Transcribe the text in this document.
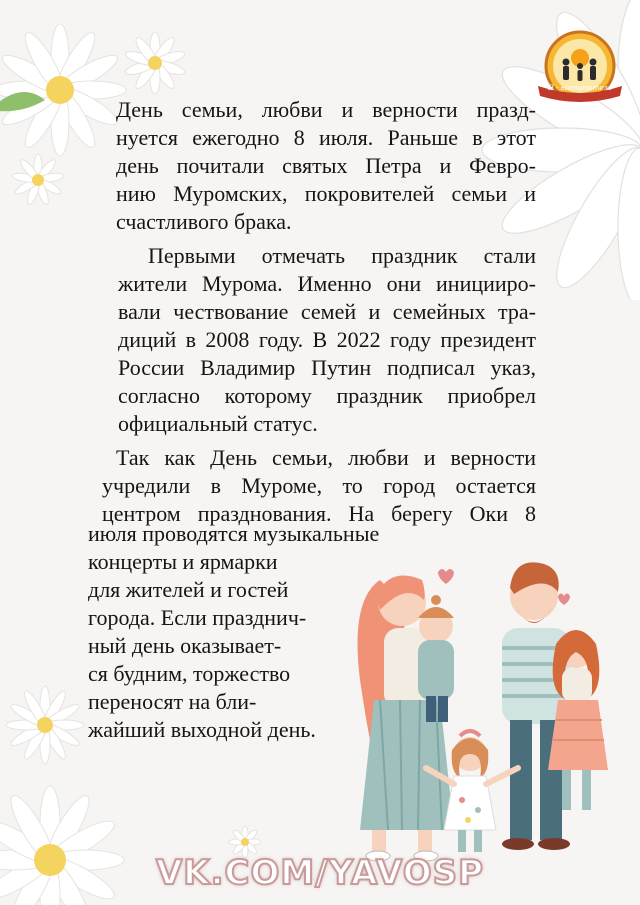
Я - воспитатель

День семьи, любви и верности празд-
нуется ежегодно 8 июля. Раньше в этот
день почитали святых Петра и Февро-
нию Муромских, покровителей семьи и
счастливого брака.

Первыми отмечать праздник стали
жители Мурома. Именно они иницииро-
вали чествование семей и семейных тра-
диций в 2008 году. В 2022 году президент
России Владимир Путин подписал указ,
согласно которому праздник приобрел
официальный статус.

Так как День семьи, любви и верности
учредили в Муроме, то город остается
центром празднования. На берегу Оки 8

июля проводятся музыкальные
концерты и ярмарки
для жителей и гостей
города. Если празднич-
ный день оказывает-
ся будним, торжество
переносят на бли-
жайший выходной день.
VK.COM/YAVOSP
